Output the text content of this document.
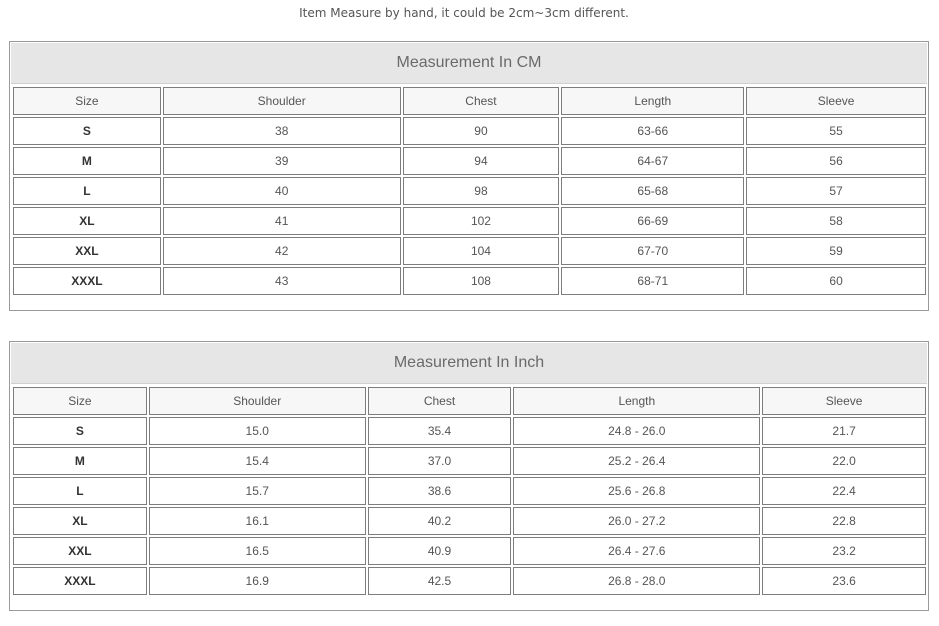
Item Measure by hand, it could be 2cm~3cm different.
Measurement In CM
Size	Shoulder	Chest	Length	Sleeve
S	38	90	63-66	55
M	39	94	64-67	56
L	40	98	65-68	57
XL	41	102	66-69	58
XXL	42	104	67-70	59
XXXL	43	108	68-71	60
Measurement In Inch
Size	Shoulder	Chest	Length	Sleeve
S	15.0	35.4	24.8 - 26.0	21.7
M	15.4	37.0	25.2 - 26.4	22.0
L	15.7	38.6	25.6 - 26.8	22.4
XL	16.1	40.2	26.0 - 27.2	22.8
XXL	16.5	40.9	26.4 - 27.6	23.2
XXXL	16.9	42.5	26.8 - 28.0	23.6
